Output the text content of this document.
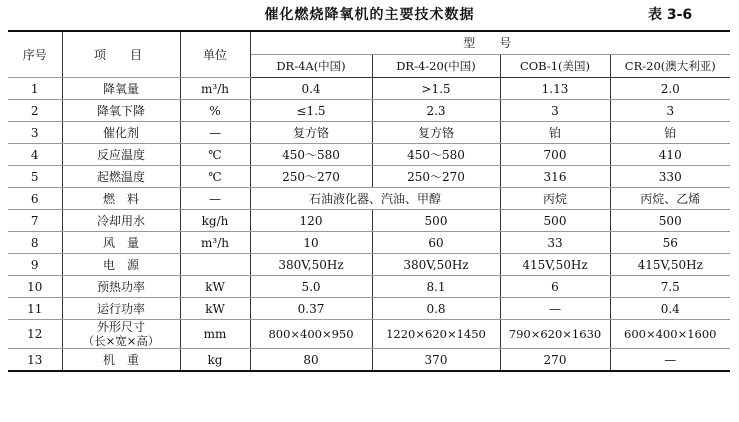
催化燃烧降氧机的主要技术数据	表 3-6
序号	项　目	单位	型　号			
			DR-4A(中国)	DR-4-20(中国)	COB-1(美国)	CR-20(澳大利亚)
1	降氧量	m³/h	0.4	>1.5	1.13	2.0
2	降氧下降	%	≤1.5	2.3	3	3
3	催化剂	—	复方铬	复方铬	铂	铂
4	反应温度	℃	450～580	450～580	700	410
5	起燃温度	℃	250～270	250～270	316	330
6	燃　料	—	石油液化器、汽油、甲醇		丙烷	丙烷、乙烯
7	冷却用水	kg/h	120	500	500	500
8	风　量	m³/h	10	60	33	56
9	电　源		380V,50Hz	380V,50Hz	415V,50Hz	415V,50Hz
10	预热功率	kW	5.0	8.1	6	7.5
11	运行功率	kW	0.37	0.8	—	0.4
12	外形尺寸
（长×宽×高）	mm	800×400×950	1220×620×1450	790×620×1630	600×400×1600
13	机　重	kg	80	370	270	—
